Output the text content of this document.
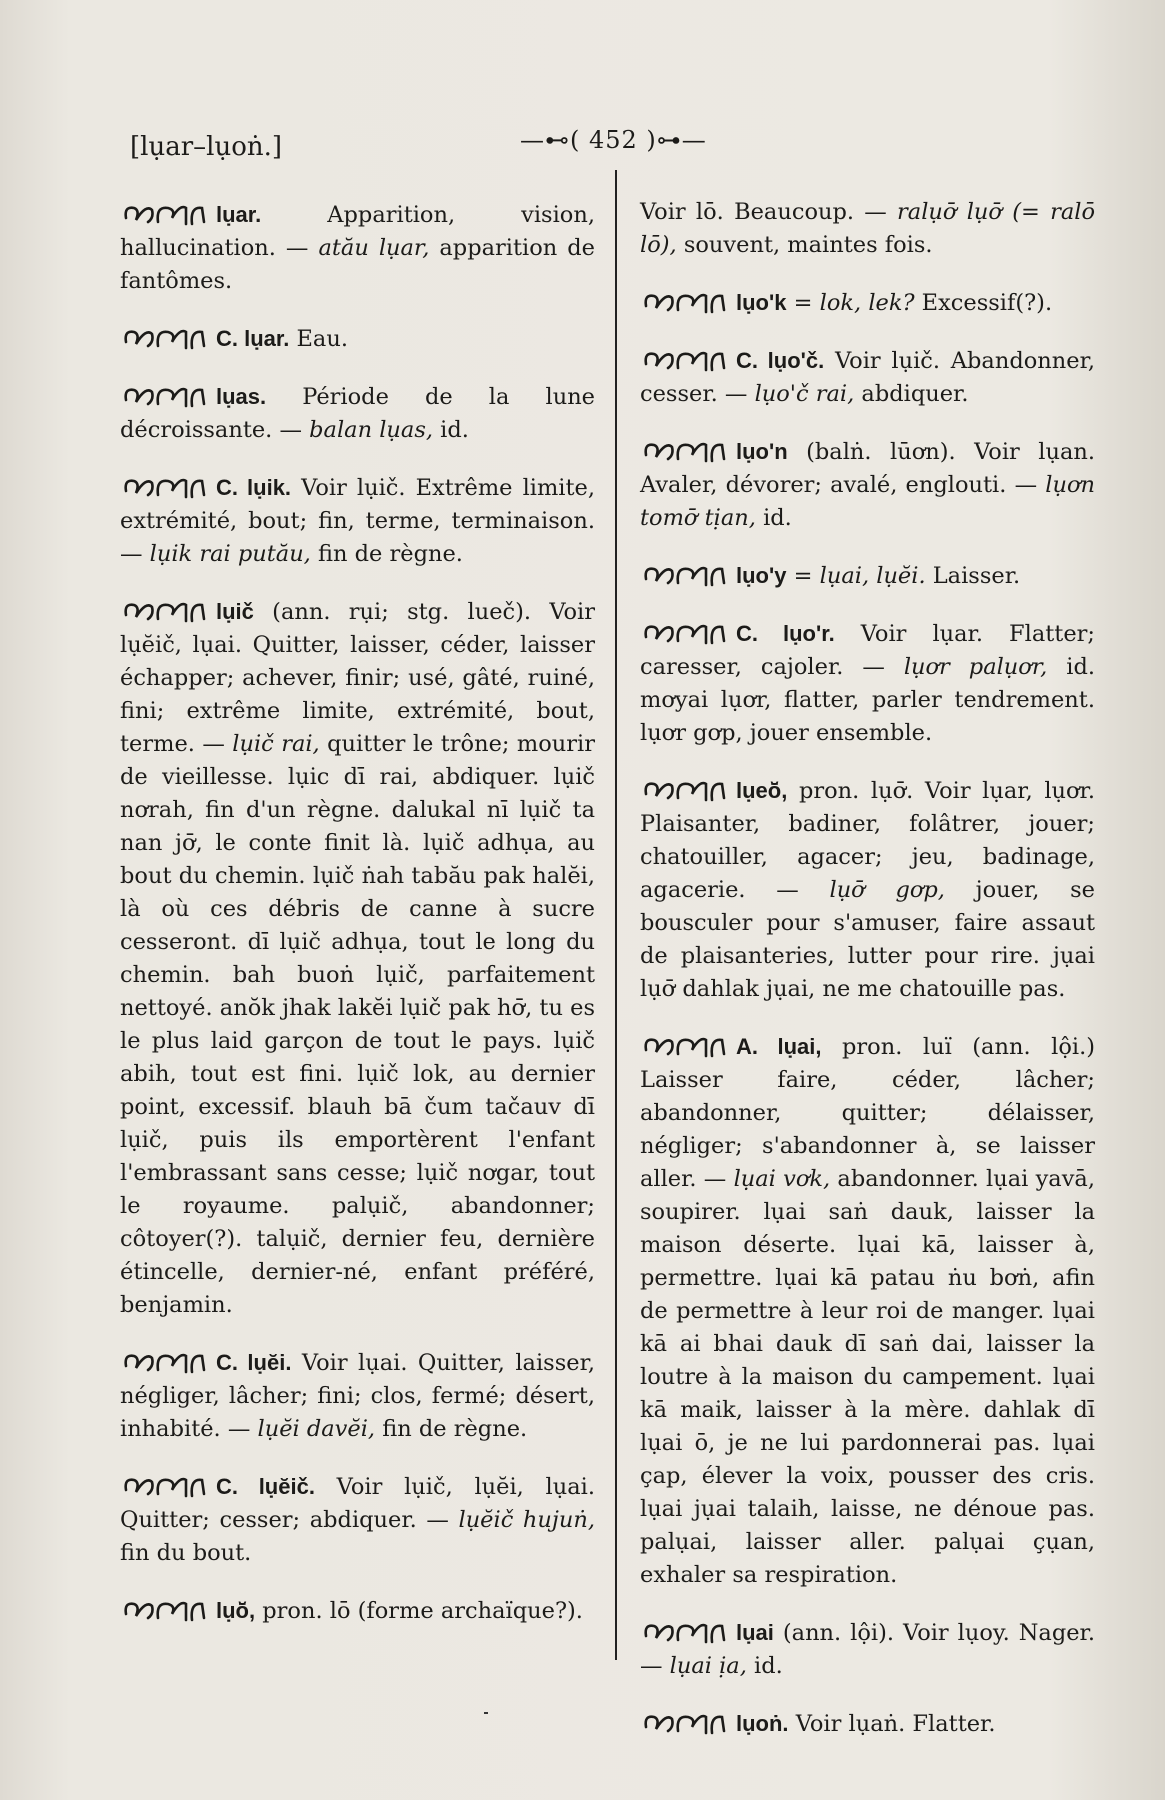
[lụar–lụoṅ.]	—⊷( 452 )⊶—

lụar. Apparition, vision, hallucination. — atău lụar, apparition de fantômes.

C. lụar. Eau.

lụas. Période de la lune décroissante. — balan lụas, id.

C. lụik. Voir lụič. Extrême limite, extrémité, bout; fin, terme, terminaison. — lụik rai putău, fin de règne.

lụič (ann. rụi; stg. lueč). Voir lụĕič, lụai. Quitter, laisser, céder, laisser échapper; achever, finir; usé, gâté, ruiné, fini; extrême limite, extrémité, bout, terme. — lụič rai, quitter le trône; mourir de vieillesse. lụic dī rai, abdiquer. lụič nơrah, fin d'un règne. dalukal nī lụič ta nan jơ̄, le conte finit là. lụič adhụa, au bout du chemin. lụič ṅah tabău pak halĕi, là où ces débris de canne à sucre cesseront. dī lụič adhụa, tout le long du chemin. bah buoṅ lụič, parfaitement nettoyé. anŏk jhak lakĕi lụič pak hơ̄, tu es le plus laid garçon de tout le pays. lụič abih, tout est fini. lụič lok, au dernier point, excessif. blauh bā čum tačauv dī lụič, puis ils emportèrent l'enfant l'embrassant sans cesse; lụič nơgar, tout le royaume. palụič, abandonner; côtoyer(?). talụič, dernier feu, dernière étincelle, dernier-né, enfant préféré, benjamin.

C. lụĕi. Voir lụai. Quitter, laisser, négliger, lâcher; fini; clos, fermé; désert, inhabité. — lụĕi davĕi, fin de règne.

C. lụĕič. Voir lụič, lụĕi, lụai. Quitter; cesser; abdiquer. — lụĕič hujuṅ, fin du bout.

lụō̆, pron. lō (forme archaïque?).

Voir lō. Beaucoup. — ralụơ̄ lụơ̄ (= ralō lō), souvent, maintes fois.

lụo'k = lok, lek? Excessif(?).

C. lụo'č. Voir lụič. Abandonner, cesser. — lụo'č rai, abdiquer.

lụo'n (balṅ. lūơn). Voir lụan. Avaler, dévorer; avalé, englouti. — lụơn tomơ̄ tịan, id.

lụo'y = lụai, lụĕi. Laisser.

C. lụo'r. Voir lụar. Flatter; caresser, cajoler. — lụơr palụơr, id. mơyai lụơr, flatter, parler tendrement. lụơr gơp, jouer ensemble.

lụeō̆, pron. lụơ̄. Voir lụar, lụơr. Plaisanter, badiner, folâtrer, jouer; chatouiller, agacer; jeu, badinage, agacerie. — lụơ̄ gơp, jouer, se bousculer pour s'amuser, faire assaut de plaisanteries, lutter pour rire. jụai lụơ̄ dahlak jụai, ne me chatouille pas.

A. lụai, pron. luï (ann. lội.) Laisser faire, céder, lâcher; abandonner, quitter; délaisser, négliger; s'abandonner à, se laisser aller. — lụai vơk, abandonner. lụai yavā, soupirer. lụai saṅ dauk, laisser la maison déserte. lụai kā, laisser à, permettre. lụai kā patau ṅu bơṅ, afin de permettre à leur roi de manger. lụai kā ai bhai dauk dī saṅ dai, laisser la loutre à la maison du campement. lụai kā maik, laisser à la mère. dahlak dī lụai ō, je ne lui pardonnerai pas. lụai çap, élever la voix, pousser des cris. lụai jụai talaih, laisse, ne dénoue pas. palụai, laisser aller. palụai çụan, exhaler sa respiration.

lụai (ann. lội). Voir lụoy. Nager. — lụai ịa, id.

lụoṅ. Voir lụaṅ. Flatter.
